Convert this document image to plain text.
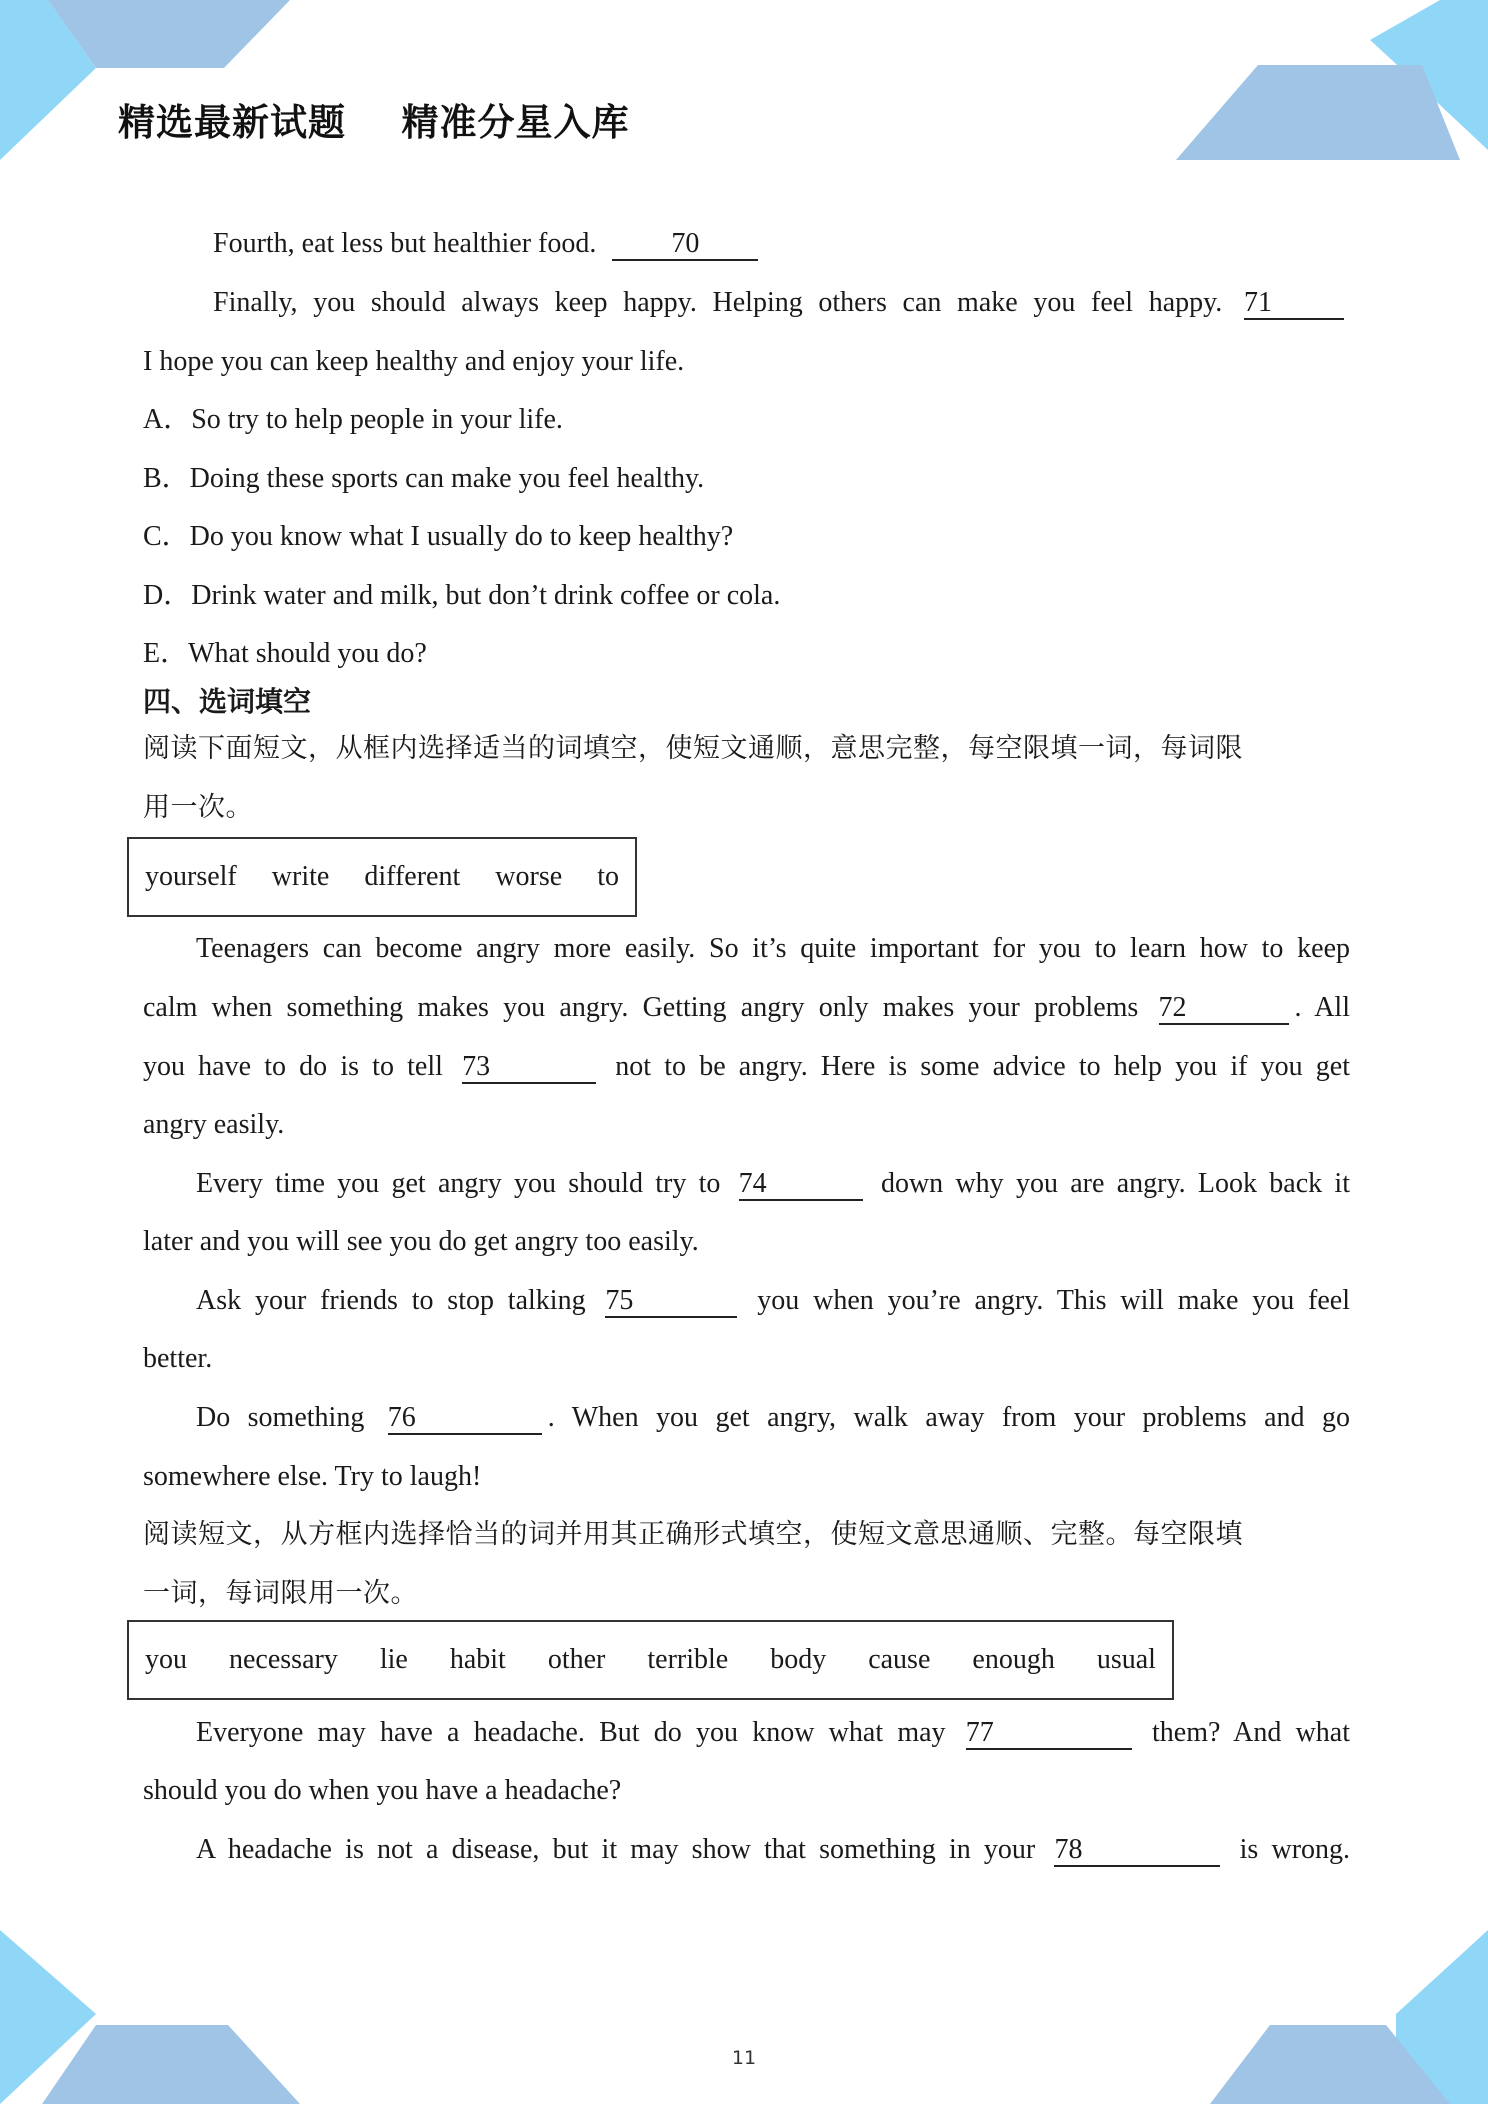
精选最新试题    精准分星入库
Fourth, eat less but healthier food.	70
Finally, you should always keep happy. Helping others can make you feel happy. 71
I hope you can keep healthy and enjoy your life.
A．So try to help people in your life.
B．Doing these sports can make you feel healthy.
C．Do you know what I usually do to keep healthy?
D．Drink water and milk, but don’t drink coffee or cola.
E．What should you do?
四、选词填空
阅读下面短文，从框内选择适当的词填空，使短文通顺，意思完整，每空限填一词，每词限
用一次。
yourself write different worse to
Teenagers can become angry more easily. So it’s quite important for you to learn how to keep
calm when something makes you angry. Getting angry only makes your problems 72	. All
you have to do is to tell 73	not to be angry. Here is some advice to help you if you get
angry easily.
Every time you get angry you should try to 74	down why you are angry. Look back it
later and you will see you do get angry too easily.
Ask your friends to stop talking 75	you when you’re angry. This will make you feel
better.
Do something 76	. When you get angry, walk away from your problems and go
somewhere else. Try to laugh!
阅读短文，从方框内选择恰当的词并用其正确形式填空，使短文意思通顺、完整。每空限填
一词，每词限用一次。
you necessary lie habit other terrible body cause enough usual
Everyone may have a headache. But do you know what may 77	them? And what
should you do when you have a headache?
A headache is not a disease, but it may show that something in your 78	is wrong.
11
